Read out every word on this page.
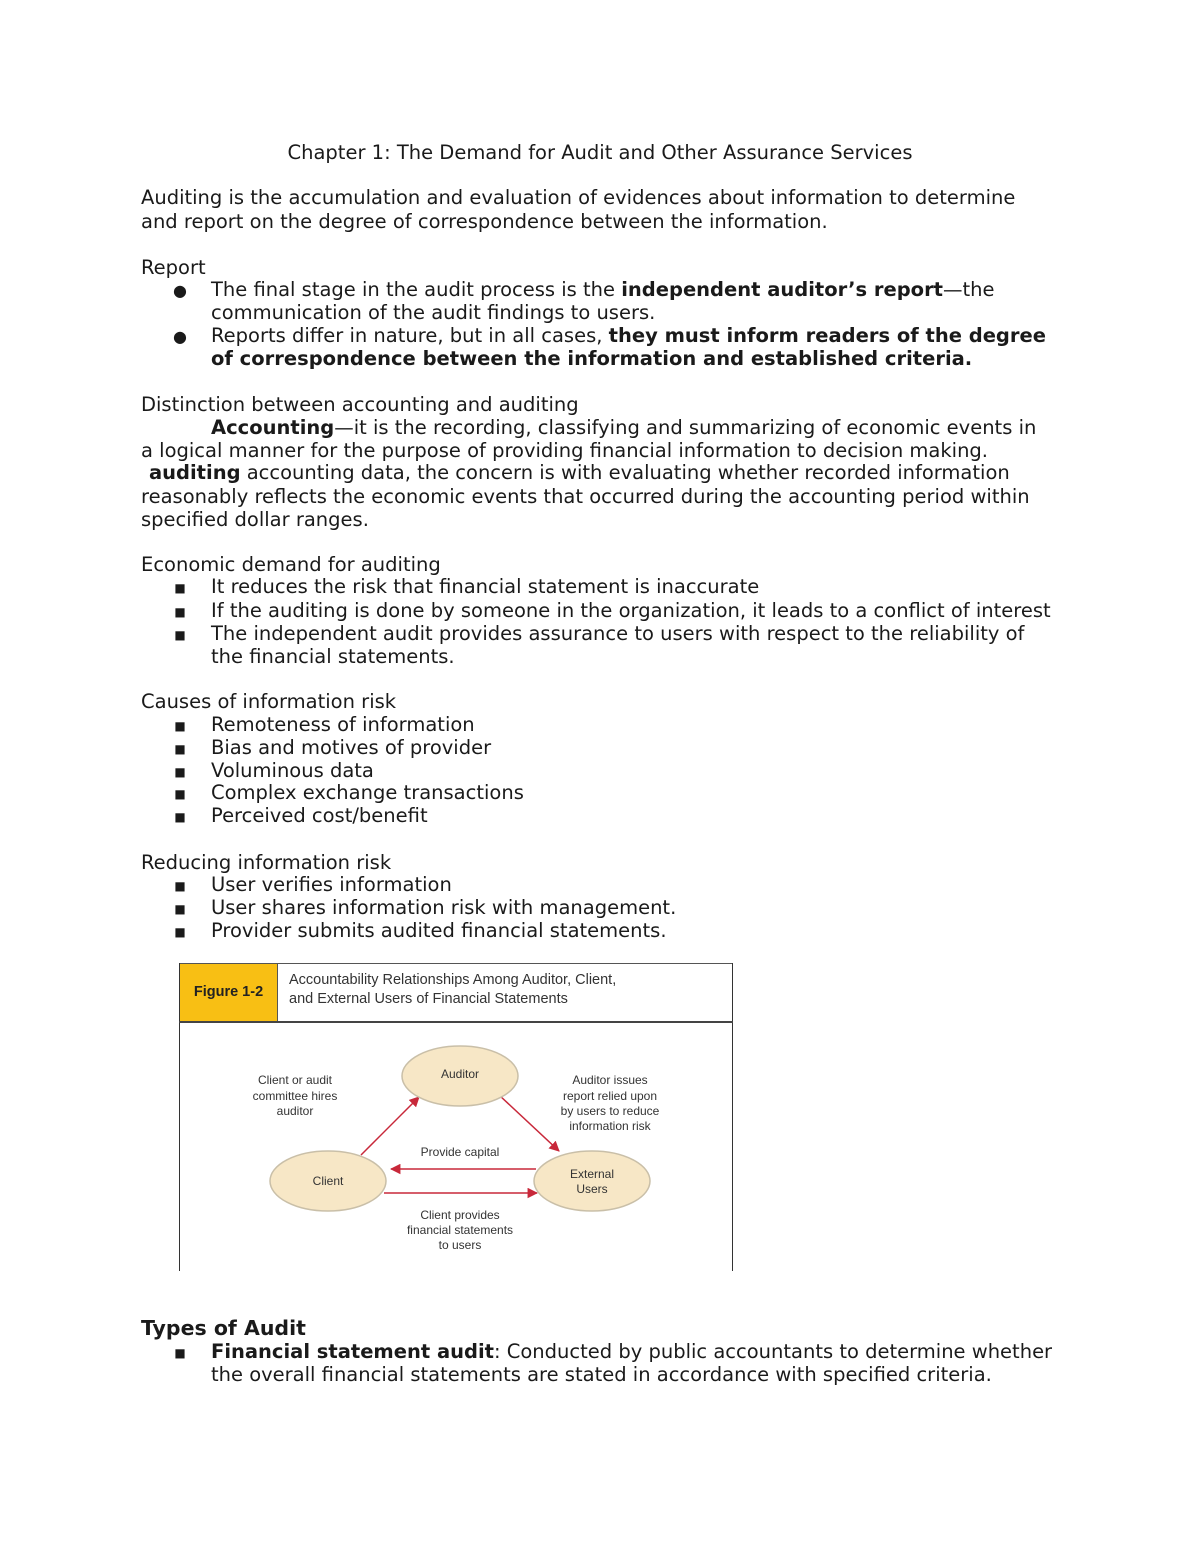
Chapter 1: The Demand for Audit and Other Assurance Services
Auditing is the accumulation and evaluation of evidences about information to determine
and report on the degree of correspondence between the information.
Report
● The final stage in the audit process is the independent auditor’s report—the
communication of the audit findings to users.
● Reports differ in nature, but in all cases, they must inform readers of the degree
of correspondence between the information and established criteria.
Distinction between accounting and auditing
Accounting—it is the recording, classifying and summarizing of economic events in
a logical manner for the purpose of providing financial information to decision making.
auditing accounting data, the concern is with evaluating whether recorded information
reasonably reflects the economic events that occurred during the accounting period within
specified dollar ranges.
Economic demand for auditing
■ It reduces the risk that financial statement is inaccurate
■ If the auditing is done by someone in the organization, it leads to a conflict of interest
■ The independent audit provides assurance to users with respect to the reliability of
the financial statements.
Causes of information risk
■ Remoteness of information
■ Bias and motives of provider
■ Voluminous data
■ Complex exchange transactions
■ Perceived cost/benefit
Reducing information risk
■ User verifies information
■ User shares information risk with management.
■ Provider submits audited financial statements.
Figure 1-2
Accountability Relationships Among Auditor, Client,
and External Users of Financial Statements
Auditor
Client	External
Users
Client or audit
committee hires
auditor
Auditor issues
report relied upon
by users to reduce
information risk
Provide capital
Client provides
financial statements
to users
Types of Audit
■ Financial statement audit: Conducted by public accountants to determine whether
the overall financial statements are stated in accordance with specified criteria.
